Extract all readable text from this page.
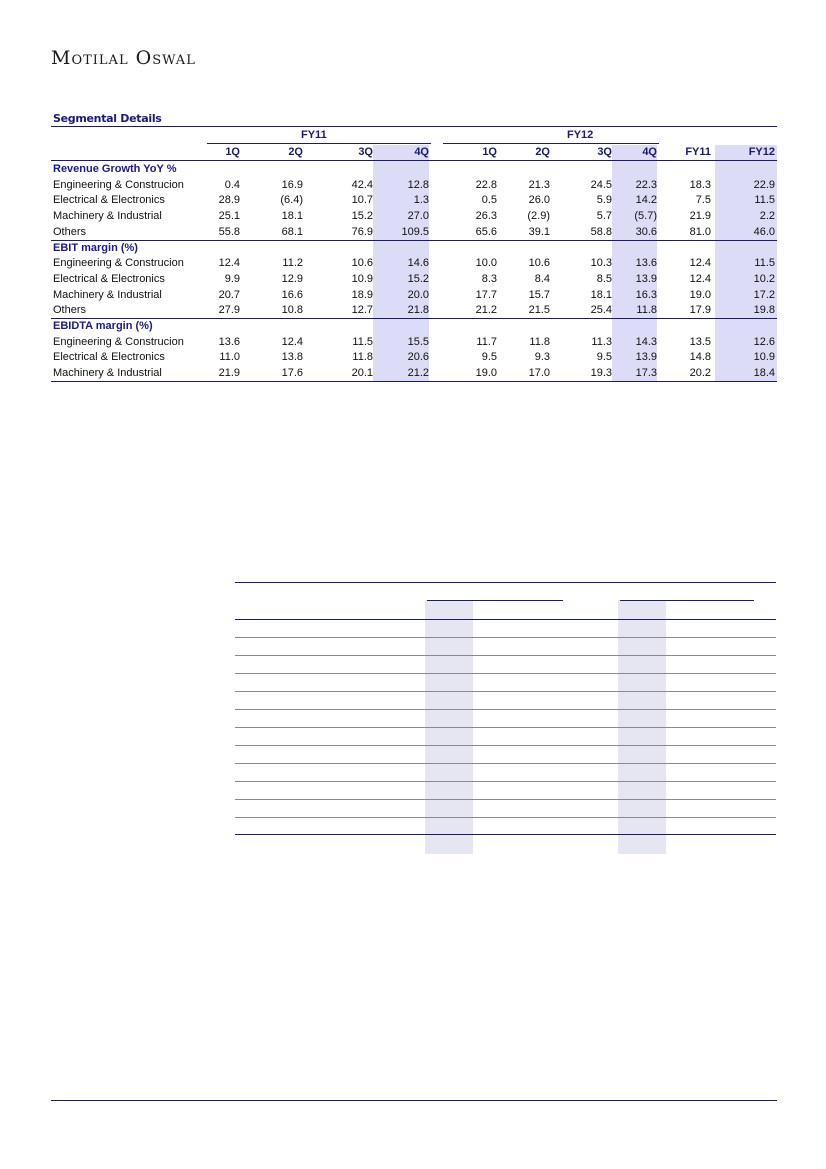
Motilal Oswal
Segmental Details
FY11	FY12
1Q	2Q	3Q	4Q	1Q	2Q	3Q	4Q	FY11	FY12
Revenue Growth YoY %
Engineering & Construcion	0.4	16.9	42.4	12.8	22.8	21.3	24.5	22.3	18.3	22.9
Electrical & Electronics	28.9	(6.4)	10.7	1.3	0.5	26.0	5.9	14.2	7.5	11.5
Machinery & Industrial	25.1	18.1	15.2	27.0	26.3	(2.9)	5.7	(5.7)	21.9	2.2
Others	55.8	68.1	76.9	109.5	65.6	39.1	58.8	30.6	81.0	46.0
EBIT margin (%)
Engineering & Construcion	12.4	11.2	10.6	14.6	10.0	10.6	10.3	13.6	12.4	11.5
Electrical & Electronics	9.9	12.9	10.9	15.2	8.3	8.4	8.5	13.9	12.4	10.2
Machinery & Industrial	20.7	16.6	18.9	20.0	17.7	15.7	18.1	16.3	19.0	17.2
Others	27.9	10.8	12.7	21.8	21.2	21.5	25.4	11.8	17.9	19.8
EBIDTA margin (%)
Engineering & Construcion	13.6	12.4	11.5	15.5	11.7	11.8	11.3	14.3	13.5	12.6
Electrical & Electronics	11.0	13.8	11.8	20.6	9.5	9.3	9.5	13.9	14.8	10.9
Machinery & Industrial	21.9	17.6	20.1	21.2	19.0	17.0	19.3	17.3	20.2	18.4
